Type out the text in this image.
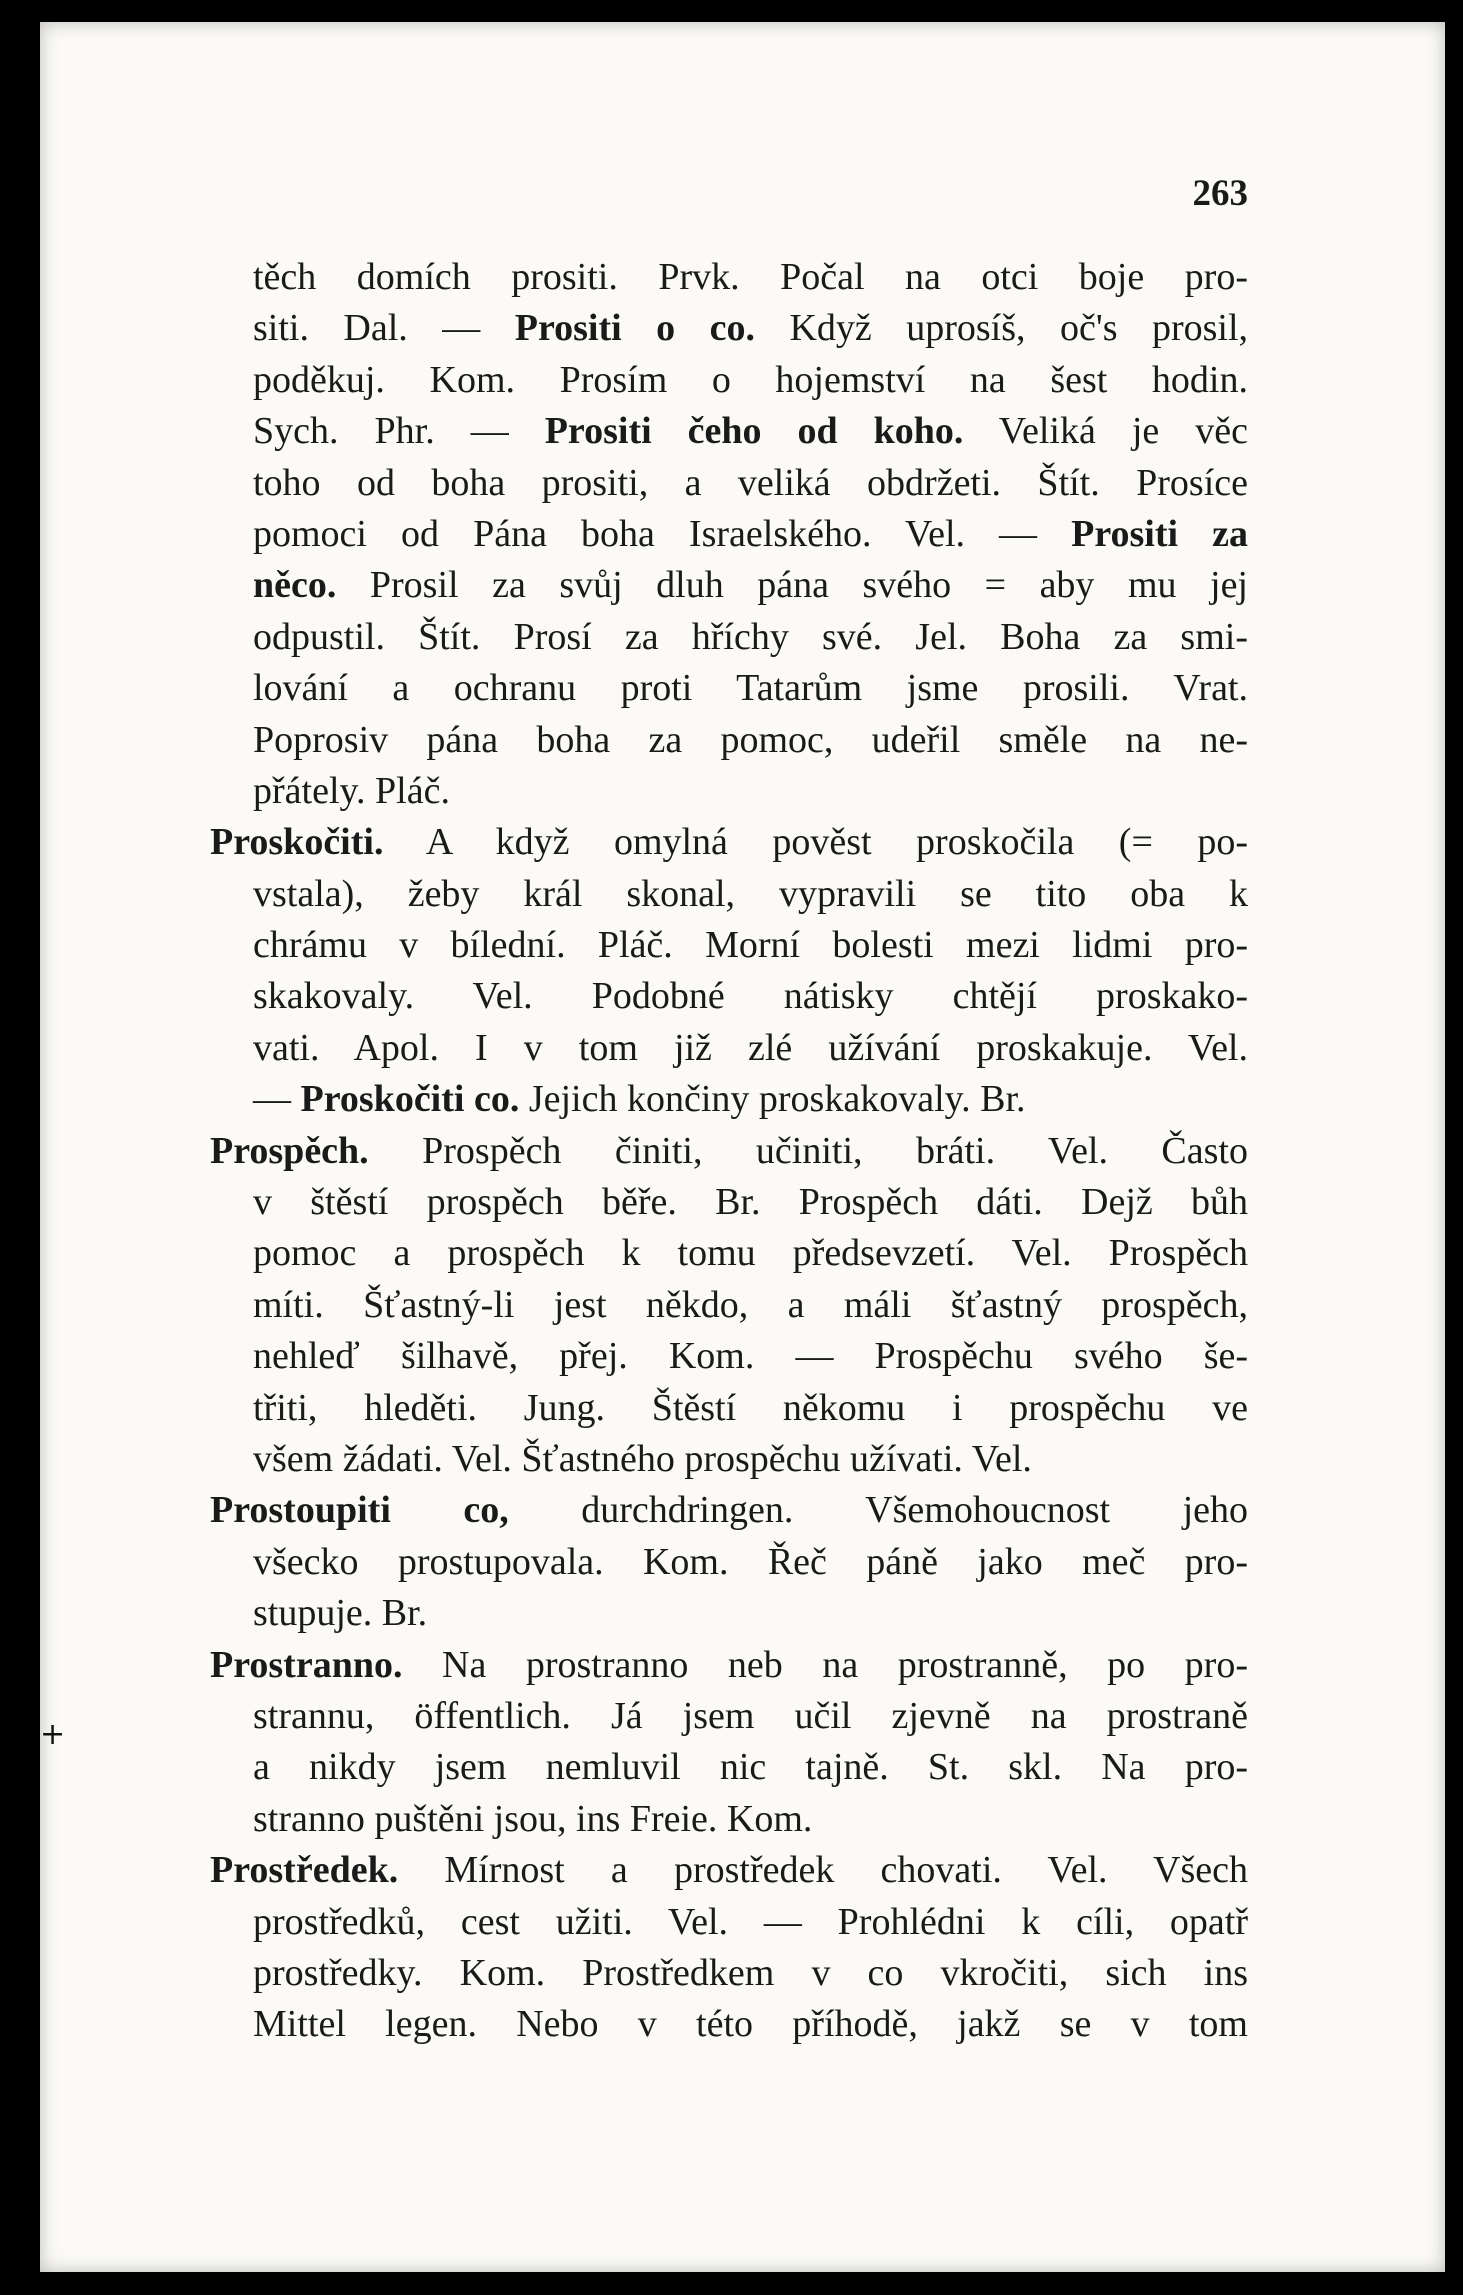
+
263
těch domích prositi. Prvk. Počal na otci boje pro-
siti. Dal. — Prositi o co. Když uprosíš, oč's prosil,
poděkuj. Kom. Prosím o hojemství na šest hodin.
Sych. Phr. — Prositi čeho od koho. Veliká je věc
toho od boha prositi, a veliká obdržeti. Štít. Prosíce
pomoci od Pána boha Israelského. Vel. — Prositi za
něco. Prosil za svůj dluh pána svého = aby mu jej
odpustil. Štít. Prosí za hříchy své. Jel. Boha za smi-
lování a ochranu proti Tatarům jsme prosili. Vrat.
Poprosiv pána boha za pomoc, udeřil směle na ne-
přátely. Pláč.
Proskočiti. A když omylná pověst proskočila (= po-
vstala), žeby král skonal, vypravili se tito oba k
chrámu v bílední. Pláč. Morní bolesti mezi lidmi pro-
skakovaly. Vel. Podobné nátisky chtějí proskako-
vati. Apol. I v tom již zlé užívání proskakuje. Vel.
— Proskočiti co. Jejich končiny proskakovaly. Br.
Prospěch. Prospěch činiti, učiniti, bráti. Vel. Často
v štěstí prospěch běře. Br. Prospěch dáti. Dejž bůh
pomoc a prospěch k tomu předsevzetí. Vel. Prospěch
míti. Šťastný-li jest někdo, a máli šťastný prospěch,
nehleď šilhavě, přej. Kom. — Prospěchu svého še-
třiti, hleděti. Jung. Štěstí někomu i prospěchu ve
všem žádati. Vel. Šťastného prospěchu užívati. Vel.
Prostoupiti co, durchdringen. Všemohoucnost jeho
všecko prostupovala. Kom. Řeč páně jako meč pro-
stupuje. Br.
Prostranno. Na prostranno neb na prostranně, po pro-
strannu, öffentlich. Já jsem učil zjevně na prostraně
a nikdy jsem nemluvil nic tajně. St. skl. Na pro-
stranno puštěni jsou, ins Freie. Kom.
Prostředek. Mírnost a prostředek chovati. Vel. Všech
prostředků, cest užiti. Vel. — Prohlédni k cíli, opatř
prostředky. Kom. Prostředkem v co vkročiti, sich ins
Mittel legen. Nebo v této příhodě, jakž se v tom
